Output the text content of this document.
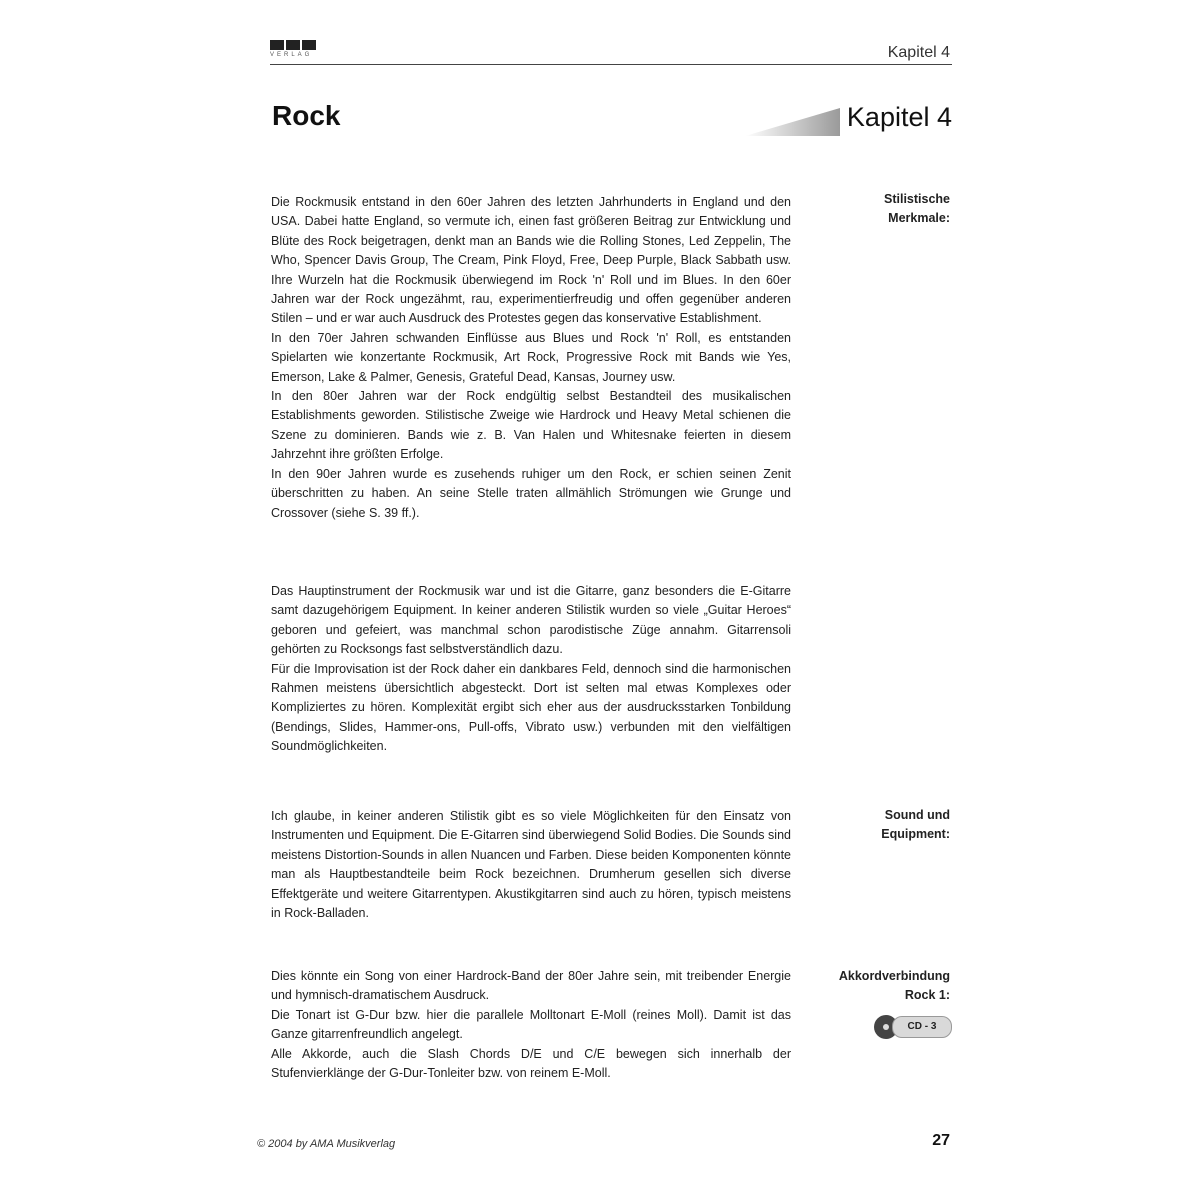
VERLAG	Kapitel 4
Rock	Kapitel 4
Stilistische Merkmale:

Die Rockmusik entstand in den 60er Jahren des letzten Jahrhunderts in England und den USA. Dabei hatte England, so vermute ich, einen fast größeren Beitrag zur Entwicklung und Blüte des Rock beigetragen, denkt man an Bands wie die Rolling Stones, Led Zeppelin, The Who, Spencer Davis Group, The Cream, Pink Floyd, Free, Deep Purple, Black Sabbath usw. Ihre Wurzeln hat die Rockmusik überwiegend im Rock 'n' Roll und im Blues. In den 60er Jahren war der Rock ungezähmt, rau, experimentierfreudig und offen gegenüber anderen Stilen – und er war auch Ausdruck des Protestes gegen das konservative Establishment.

In den 70er Jahren schwanden Einflüsse aus Blues und Rock 'n' Roll, es entstanden Spielarten wie konzertante Rockmusik, Art Rock, Progressive Rock mit Bands wie Yes, Emerson, Lake & Palmer, Genesis, Grateful Dead, Kansas, Journey usw.

In den 80er Jahren war der Rock endgültig selbst Bestandteil des musikalischen Establishments geworden. Stilistische Zweige wie Hardrock und Heavy Metal schienen die Szene zu dominieren. Bands wie z. B. Van Halen und Whitesnake feierten in diesem Jahrzehnt ihre größten Erfolge.

In den 90er Jahren wurde es zusehends ruhiger um den Rock, er schien seinen Zenit überschritten zu haben. An seine Stelle traten allmählich Strömungen wie Grunge und Crossover (siehe S. 39 ff.).

Das Hauptinstrument der Rockmusik war und ist die Gitarre, ganz besonders die E-Gitarre samt dazugehörigem Equipment. In keiner anderen Stilistik wurden so viele „Guitar Heroes“ geboren und gefeiert, was manchmal schon parodistische Züge annahm. Gitarrensoli gehörten zu Rocksongs fast selbstverständlich dazu.

Für die Improvisation ist der Rock daher ein dankbares Feld, dennoch sind die harmonischen Rahmen meistens übersichtlich abgesteckt. Dort ist selten mal etwas Komplexes oder Kompliziertes zu hören. Komplexität ergibt sich eher aus der ausdrucksstarken Tonbildung (Bendings, Slides, Hammer-ons, Pull-offs, Vibrato usw.) verbunden mit den vielfältigen Soundmöglichkeiten.

Sound und Equipment:

Ich glaube, in keiner anderen Stilistik gibt es so viele Möglichkeiten für den Einsatz von Instrumenten und Equipment. Die E-Gitarren sind überwiegend Solid Bodies. Die Sounds sind meistens Distortion-Sounds in allen Nuancen und Farben. Diese beiden Komponenten könnte man als Hauptbestandteile beim Rock bezeichnen. Drumherum gesellen sich diverse Effektgeräte und weitere Gitarrentypen. Akustikgitarren sind auch zu hören, typisch meistens in Rock-Balladen.

Akkordverbindung Rock 1:

Dies könnte ein Song von einer Hardrock-Band der 80er Jahre sein, mit treibender Energie und hymnisch-dramatischem Ausdruck.

Die Tonart ist G-Dur bzw. hier die parallele Molltonart E-Moll (reines Moll). Damit ist das Ganze gitarrenfreundlich angelegt.

Alle Akkorde, auch die Slash Chords D/E und C/E bewegen sich innerhalb der Stufenvierklänge der G-Dur-Tonleiter bzw. von reinem E-Moll.

CD - 3
© 2004 by AMA Musikverlag	27
